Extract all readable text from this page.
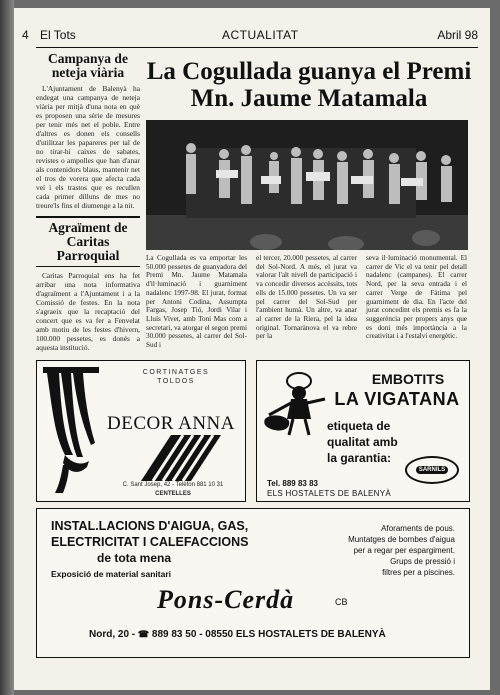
4 El Tots	ACTUALITAT	Abril 98
Campanya de neteja viària
L'Ajuntament de Balenyà ha endegat una campanya de neteja viària per mitjà d'una nota en què es proposen una sèrie de mesures per tenir més net el poble. Entre d'altres es donen els consells d'utilitzar les papareres per tal de no tirar-hi caixes de sabates, revistes o ampolles que han d'anar als contenidors blaus, mantenir net el tros de vorera que afecta cada veí i els trastos que es recullen cada primer dilluns de mes no treure'ls fins el diumenge a la nit.
Agraïment de Caritas Parroquial
Caritas Parroquial ens ha fet arribar una nota informativa d'agraïment a l'Ajuntament i a la Comissió de festes. En la nota s'agraeix que la recaptació del concert que es va fer a Fenvelat amb motiu de les festes d'hivern, 100.000 pessetes, es donés a aquesta institució.
La Cogullada guanya el Premi Mn. Jaume Matamala
La Cogullada es va emportar les 50.000 pessetes de guanyadora del Premi Mn. Jaume Matamala d'il·luminació i guarniment nadalenc 1997-98. El jurat, format per Antoni Codina, Assumpta Fargas, Josep Tió, Jordi Vilar i Lluís Vivet, amb Toni Mas com a secretari, va atorgar el segon premi 30.000 pessetes, al carrer del Sol-Sud i
el tercer, 20.000 pessetes, al carrer del Sol-Nord. A més, el jurat va valorar l'alt nivell de participació i va concedir diversos accèssits, tots ells de 15.000 pessetes. Un va ser pel carrer del Sol-Sud per l'ambient humà. Un altre, va anar al carrer de la Riera, pel la idea original. Tornarànova el va rebre per la
seva il·luminació monumental. El carrer de Vic el va tenir pel detall nadalenc (campanes). El carrer Nord, per la seva entrada i el carrer Verge de Fàtima pel guarniment de dia. En l'acte del jurat concedint els premis es fa la suggerència per propers anys que es doni més importància a la creativitat i a l'estalvi energètic.
CORTINATGES
TOLDOS
DECOR ANNA
C. Sant Josep, 42 - Telèfon 881 10 31
CENTELLES
EMBOTITS
LA VIGATANA
etiqueta de
qualitat amb
la garantia:
SARNILS
Tel. 889 83 83
ELS HOSTALETS DE BALENYÀ
INSTAL.LACIONS D'AIGUA, GAS,
ELECTRICITAT I CALEFACCIONS
de tota mena
Exposició de material sanitari
Aforaments de pous.
Muntatges de bombes d'aigua
per a regar per espargiment.
Grups de pressió i
filtres per a piscines.
Pons-Cerdà	CB
Nord, 20 - ☎ 889 83 50 - 08550 ELS HOSTALETS DE BALENYÀ
